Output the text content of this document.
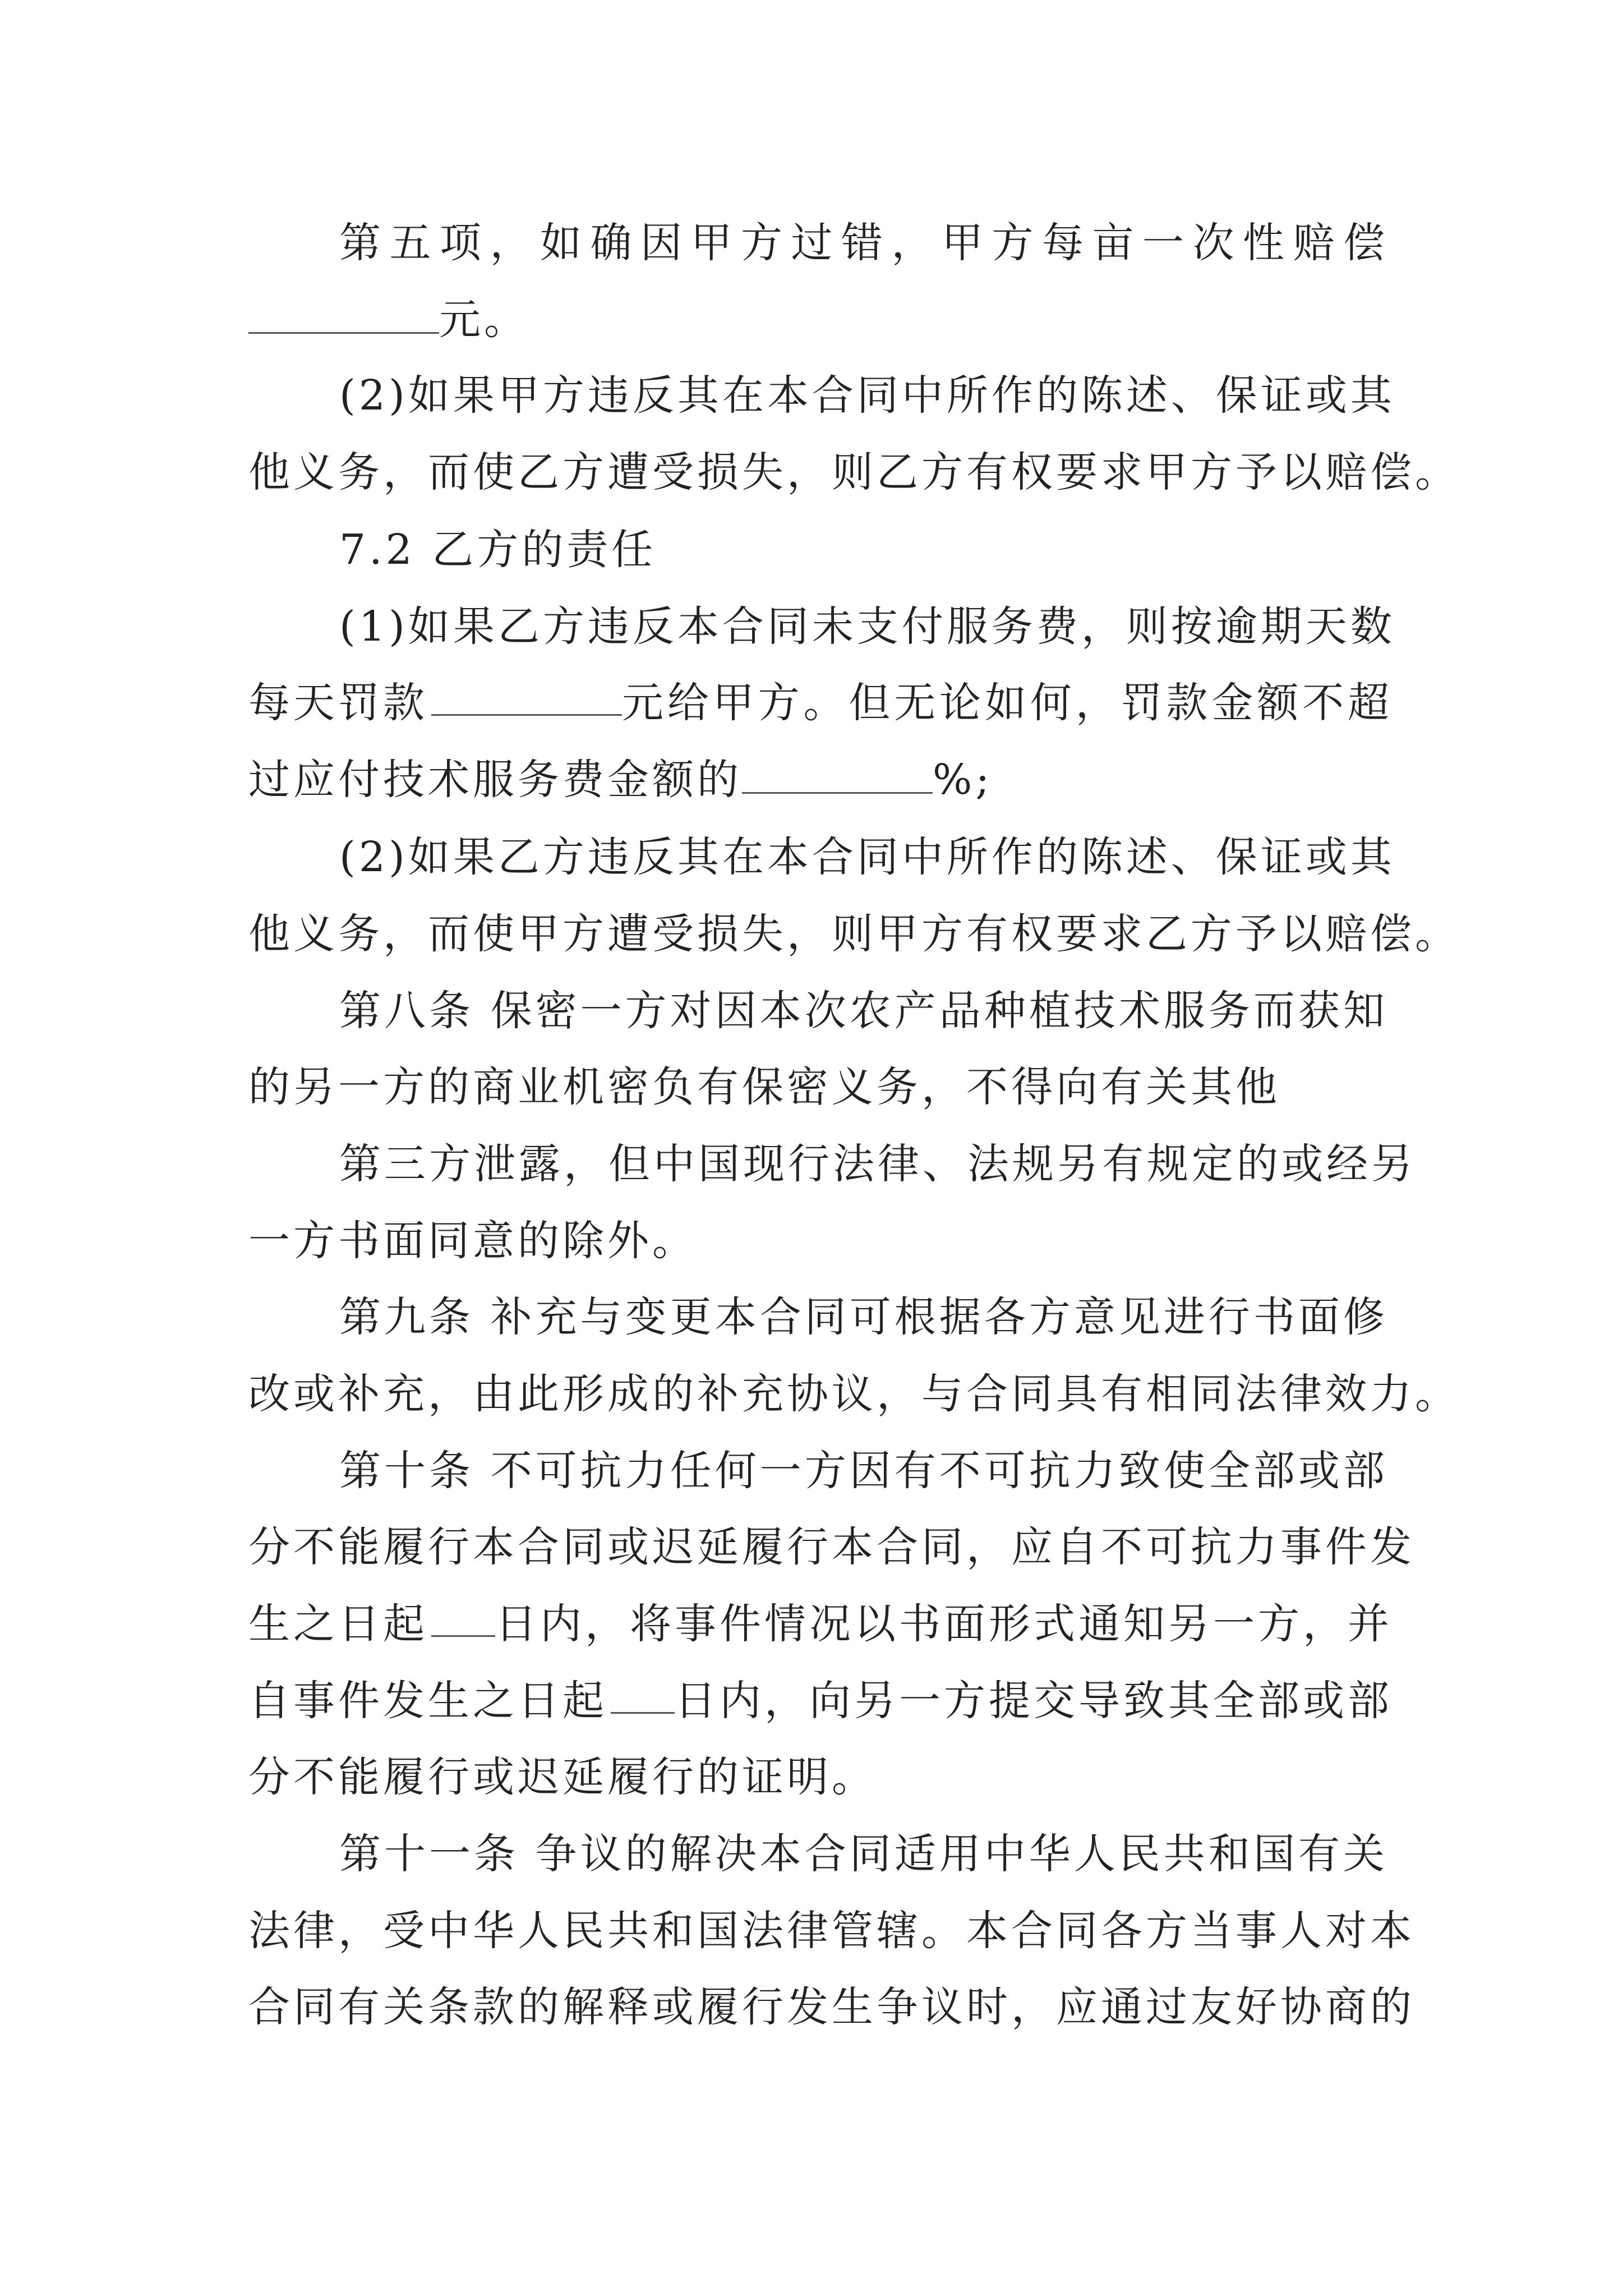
第五项，如确因甲方过错，甲方每亩一次性赔偿
元。
(2)如果甲方违反其在本合同中所作的陈述、保证或其
他义务，而使乙方遭受损失，则乙方有权要求甲方予以赔偿。
7.2 乙方的责任
(1)如果乙方违反本合同未支付服务费，则按逾期天数
每天罚款	元给甲方。但无论如何，罚款金额不超
过应付技术服务费金额的	%;
(2)如果乙方违反其在本合同中所作的陈述、保证或其
他义务，而使甲方遭受损失，则甲方有权要求乙方予以赔偿。
第八条 保密一方对因本次农产品种植技术服务而获知
的另一方的商业机密负有保密义务，不得向有关其他
第三方泄露，但中国现行法律、法规另有规定的或经另
一方书面同意的除外。
第九条 补充与变更本合同可根据各方意见进行书面修
改或补充，由此形成的补充协议，与合同具有相同法律效力。
第十条 不可抗力任何一方因有不可抗力致使全部或部
分不能履行本合同或迟延履行本合同，应自不可抗力事件发
生之日起 日内，将事件情况以书面形式通知另一方，并
自事件发生之日起 日内，向另一方提交导致其全部或部
分不能履行或迟延履行的证明。
第十一条 争议的解决本合同适用中华人民共和国有关
法律，受中华人民共和国法律管辖。本合同各方当事人对本
合同有关条款的解释或履行发生争议时，应通过友好协商的
